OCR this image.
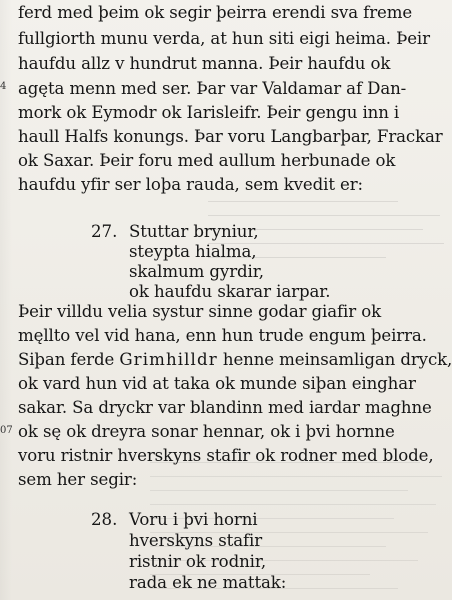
ferd med þeim ok segir þeirra erendi sva freme
fullgiorth munu verda, at hun siti eigi heima. Þeir
haufdu allz v hundrut manna. Þeir haufdu ok
4 agęta menn med ser. Þar var Valdamar af Dan-
mork ok Eymodr ok Iarisleifr. Þeir gengu inn i
haull Halfs konungs. Þar voru Langbarþar, Frackar
ok Saxar. Þeir foru med aullum herbunade ok
haufdu yfir ser loþa rauda, sem kvedit er:
27. Stuttar bryniur,
steypta hialma,
skalmum gyrdir,
ok haufdu skarar iarpar.
Þeir villdu velia systur sinne godar giafir ok
męllto vel vid hana, enn hun trude engum þeirra.
Siþan ferde Grimhilldr henne meinsamligan dryck,
ok vard hun vid at taka ok munde siþan einghar
sakar. Sa dryckr var blandinn med iardar maghne
07 ok sę ok dreyra sonar hennar, ok i þvi hornne
voru ristnir hverskyns stafir ok rodner med blode,
sem her segir:
28. Voru i þvi horni
hverskyns stafir
ristnir ok rodnir,
rada ek ne mattak:
